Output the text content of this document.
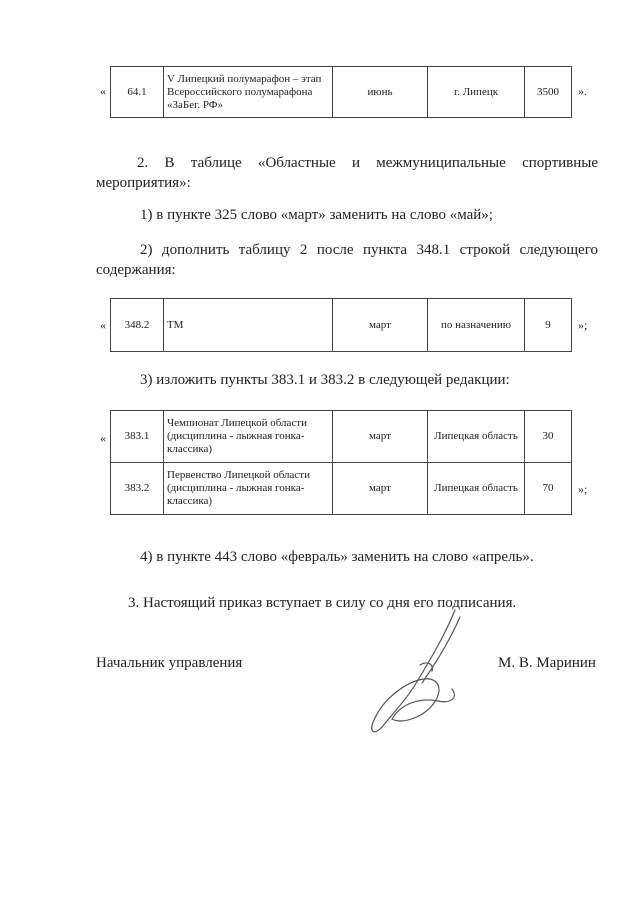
« 64.1	V Липецкий полумарафон – этап Всероссийского полумарафона «ЗаБег. РФ»	июнь	г. Липецк	3500 ».
2. В таблице «Областные и межмуниципальные спортивные
мероприятия»:
1) в пункте 325 слово «март» заменить на слово «май»;
2) дополнить таблицу 2 после пункта 348.1 строкой следующего
содержания:
« 348.2	ТМ	март	по назначению	9 »;
3) изложить пункты 383.1 и 383.2 в следующей редакции:
« 383.1	Чемпионат Липецкой области (дисциплина - лыжная гонка-классика)	март	Липецкая область	30
383.2	Первенство Липецкой области (дисциплина - лыжная гонка-классика)	март	Липецкая область	70 »;
4) в пункте 443 слово «февраль» заменить на слово «апрель».
3. Настоящий приказ вступает в силу со дня его подписания.
Начальник управления	М. В. Маринин
